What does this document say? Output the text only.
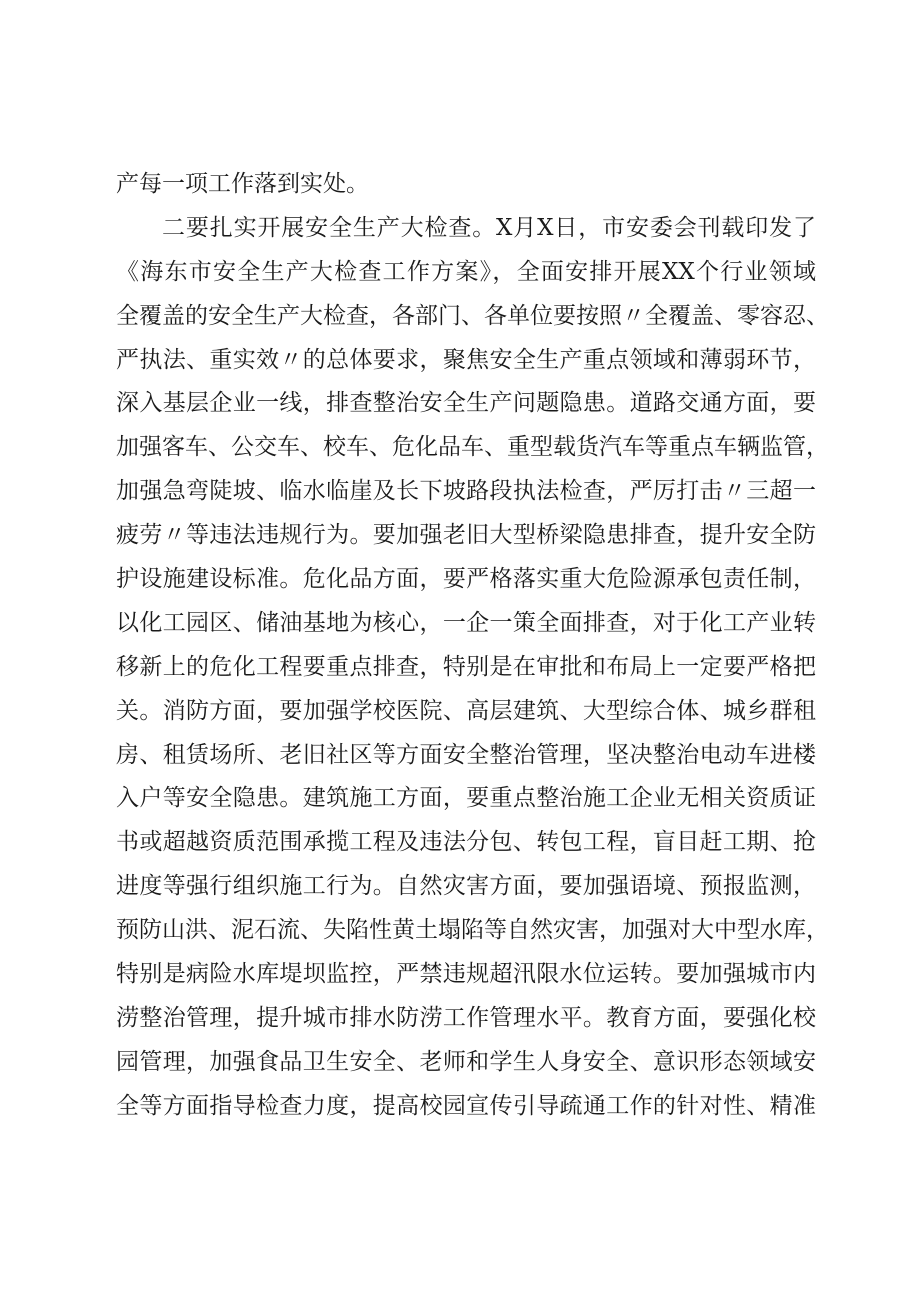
产每一项工作落到实处。
二要扎实开展安全生产大检查。X月X日，市安委会刊载印发了
《海东市安全生产大检查工作方案》，全面安排开展XX个行业领域
全覆盖的安全生产大检查，各部门、各单位要按照〃全覆盖、零容忍、
严执法、重实效〃的总体要求，聚焦安全生产重点领域和薄弱环节，
深入基层企业一线，排查整治安全生产问题隐患。道路交通方面，要
加强客车、公交车、校车、危化品车、重型载货汽车等重点车辆监管，
加强急弯陡坡、临水临崖及长下坡路段执法检查，严厉打击〃三超一
疲劳〃等违法违规行为。要加强老旧大型桥梁隐患排查，提升安全防
护设施建设标准。危化品方面，要严格落实重大危险源承包责任制，
以化工园区、储油基地为核心，一企一策全面排查，对于化工产业转
移新上的危化工程要重点排查，特别是在审批和布局上一定要严格把
关。消防方面，要加强学校医院、高层建筑、大型综合体、城乡群租
房、租赁场所、老旧社区等方面安全整治管理，坚决整治电动车进楼
入户等安全隐患。建筑施工方面，要重点整治施工企业无相关资质证
书或超越资质范围承揽工程及违法分包、转包工程，盲目赶工期、抢
进度等强行组织施工行为。自然灾害方面，要加强语境、预报监测，
预防山洪、泥石流、失陷性黄土塌陷等自然灾害，加强对大中型水库，
特别是病险水库堤坝监控，严禁违规超汛限水位运转。要加强城市内
涝整治管理，提升城市排水防涝工作管理水平。教育方面，要强化校
园管理，加强食品卫生安全、老师和学生人身安全、意识形态领域安
全等方面指导检查力度，提高校园宣传引导疏通工作的针对性、精准
